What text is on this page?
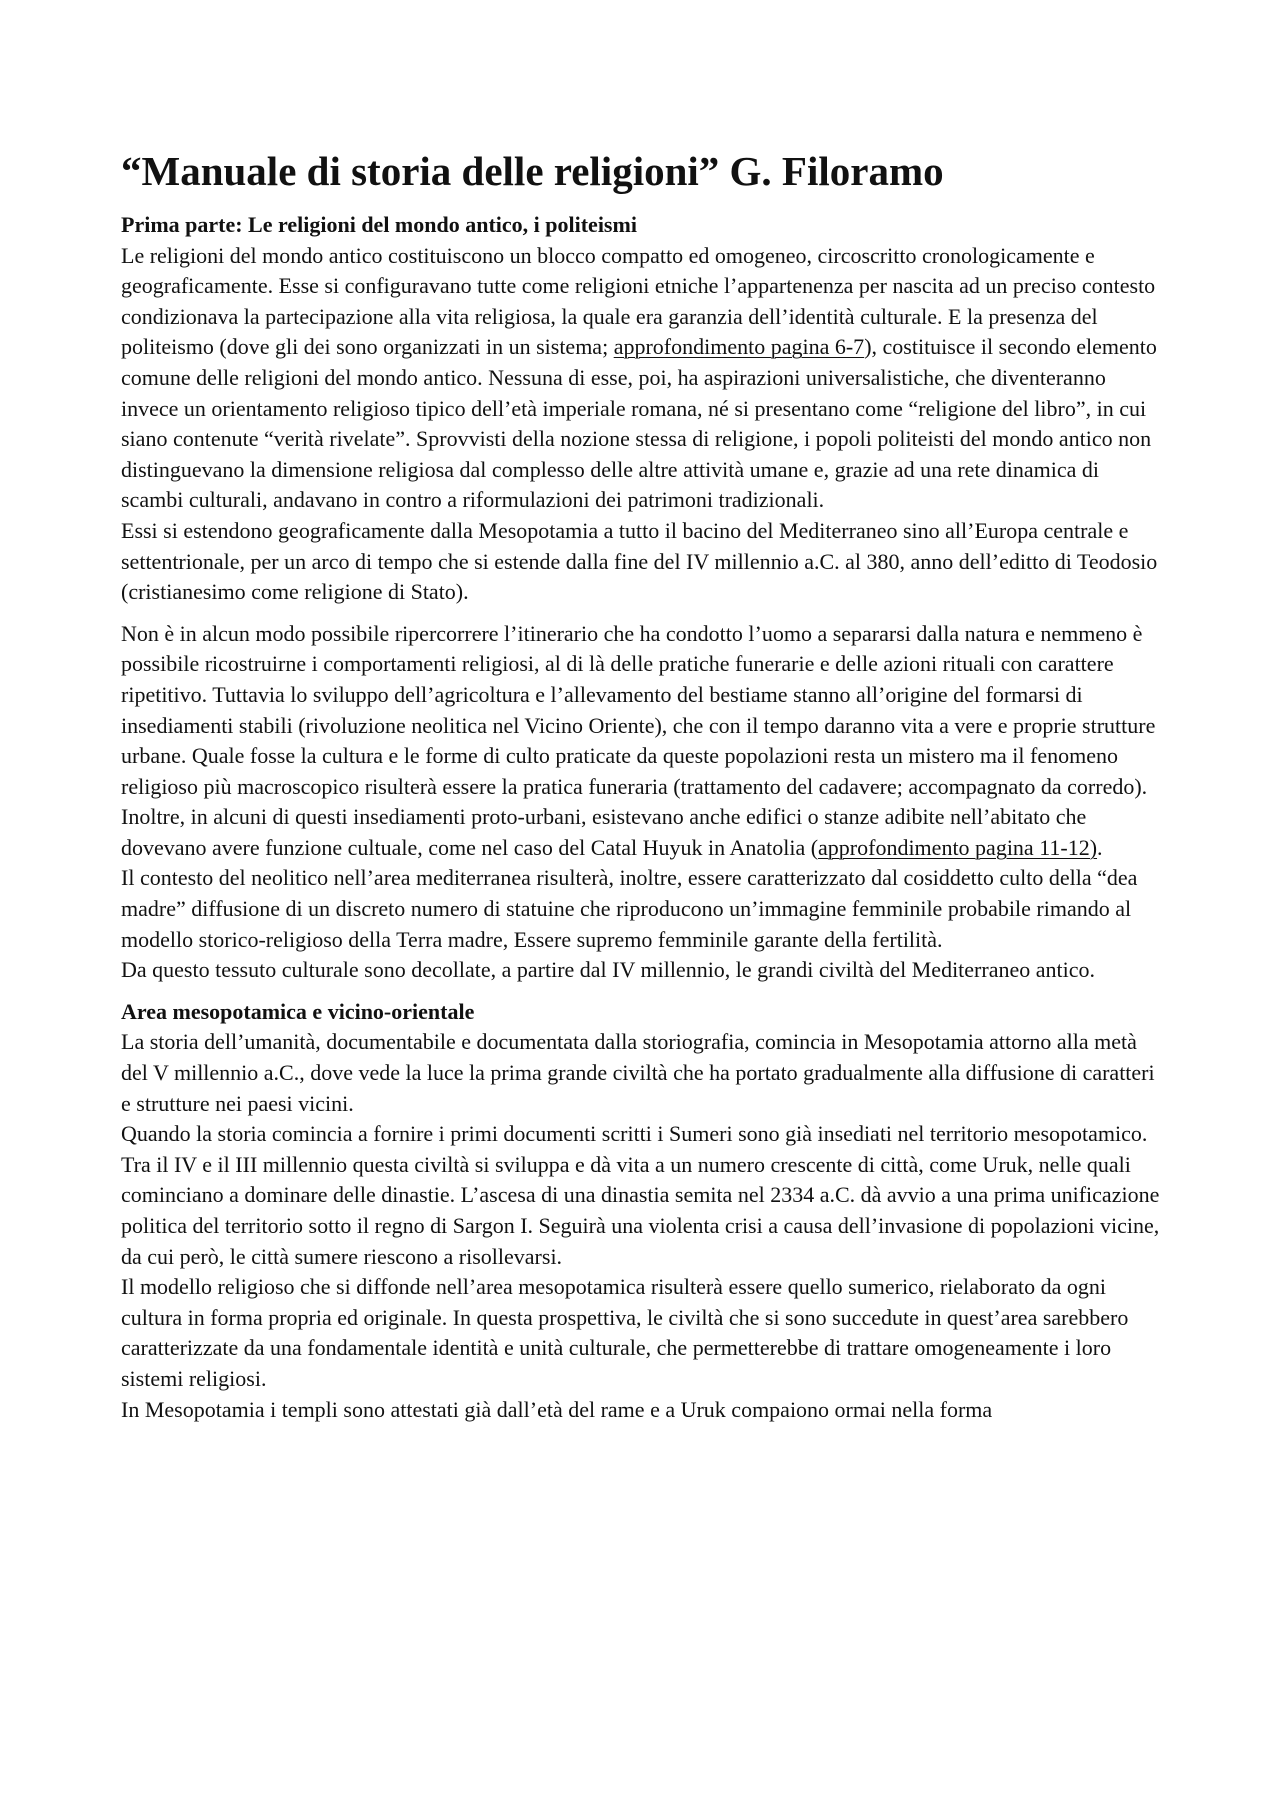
“Manuale di storia delle religioni” G. Filoramo

Prima parte: Le religioni del mondo antico, i politeismi

Le religioni del mondo antico costituiscono un blocco compatto ed omogeneo, circoscritto cronologicamente e geograficamente. Esse si configuravano tutte come religioni etniche l’appartenenza per nascita ad un preciso contesto condizionava la partecipazione alla vita religiosa, la quale era garanzia dell’identità culturale. E la presenza del politeismo (dove gli dei sono organizzati in un sistema; approfondimento pagina 6-7), costituisce il secondo elemento comune delle religioni del mondo antico. Nessuna di esse, poi, ha aspirazioni universalistiche, che diventeranno invece un orientamento religioso tipico dell’età imperiale romana, né si presentano come “religione del libro”, in cui siano contenute “verità rivelate”. Sprovvisti della nozione stessa di religione, i popoli politeisti del mondo antico non distinguevano la dimensione religiosa dal complesso delle altre attività umane e, grazie ad una rete dinamica di scambi culturali, andavano in contro a riformulazioni dei patrimoni tradizionali.

Essi si estendono geograficamente dalla Mesopotamia a tutto il bacino del Mediterraneo sino all’Europa centrale e settentrionale, per un arco di tempo che si estende dalla fine del IV millennio a.C. al 380, anno dell’editto di Teodosio (cristianesimo come religione di Stato).

Non è in alcun modo possibile ripercorrere l’itinerario che ha condotto l’uomo a separarsi dalla natura e nemmeno è possibile ricostruirne i comportamenti religiosi, al di là delle pratiche funerarie e delle azioni rituali con carattere ripetitivo. Tuttavia lo sviluppo dell’agricoltura e l’allevamento del bestiame stanno all’origine del formarsi di insediamenti stabili (rivoluzione neolitica nel Vicino Oriente), che con il tempo daranno vita a vere e proprie strutture urbane. Quale fosse la cultura e le forme di culto praticate da queste popolazioni resta un mistero ma il fenomeno religioso più macroscopico risulterà essere la pratica funeraria (trattamento del cadavere; accompagnato da corredo). Inoltre, in alcuni di questi insediamenti proto-urbani, esistevano anche edifici o stanze adibite nell’abitato che dovevano avere funzione cultuale, come nel caso del Catal Huyuk in Anatolia (approfondimento pagina 11-12).

Il contesto del neolitico nell’area mediterranea risulterà, inoltre, essere caratterizzato dal cosiddetto culto della “dea madre” diffusione di un discreto numero di statuine che riproducono un’immagine femminile probabile rimando al modello storico-religioso della Terra madre, Essere supremo femminile garante della fertilità.

Da questo tessuto culturale sono decollate, a partire dal IV millennio, le grandi civiltà del Mediterraneo antico.

Area mesopotamica e vicino-orientale

La storia dell’umanità, documentabile e documentata dalla storiografia, comincia in Mesopotamia attorno alla metà del V millennio a.C., dove vede la luce la prima grande civiltà che ha portato gradualmente alla diffusione di caratteri e strutture nei paesi vicini.

Quando la storia comincia a fornire i primi documenti scritti i Sumeri sono già insediati nel territorio mesopotamico. Tra il IV e il III millennio questa civiltà si sviluppa e dà vita a un numero crescente di città, come Uruk, nelle quali cominciano a dominare delle dinastie. L’ascesa di una dinastia semita nel 2334 a.C. dà avvio a una prima unificazione politica del territorio sotto il regno di Sargon I. Seguirà una violenta crisi a causa dell’invasione di popolazioni vicine, da cui però, le città sumere riescono a risollevarsi.

Il modello religioso che si diffonde nell’area mesopotamica risulterà essere quello sumerico, rielaborato da ogni cultura in forma propria ed originale. In questa prospettiva, le civiltà che si sono succedute in quest’area sarebbero caratterizzate da una fondamentale identità e unità culturale, che permetterebbe di trattare omogeneamente i loro sistemi religiosi.

In Mesopotamia i templi sono attestati già dall’età del rame e a Uruk compaiono ormai nella forma
